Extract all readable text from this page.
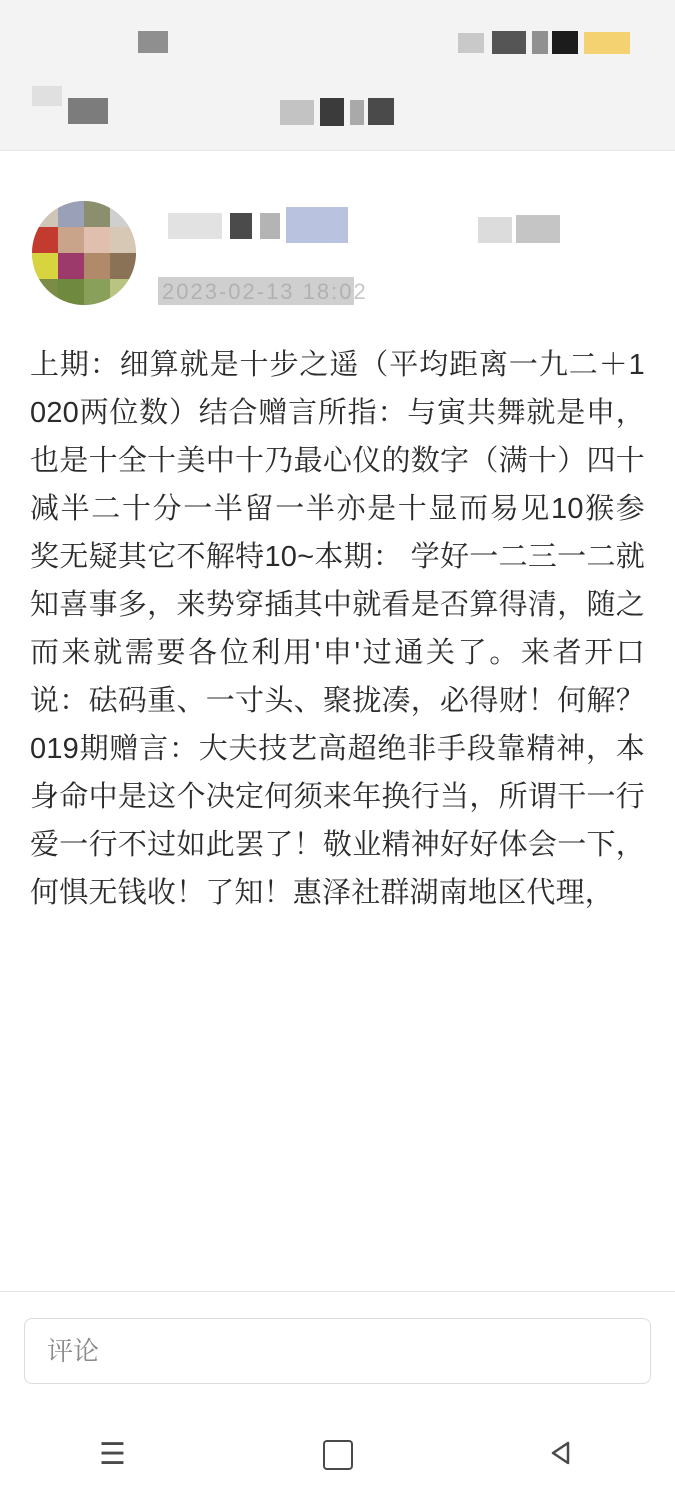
2023-02-13 18:02
上期：细算就是十步之遥（平均距离一九二＋1020两位数）结合赠言所指：与寅共舞就是申，也是十全十美中十乃最心仪的数字（满十）四十减半二十分一半留一半亦是十显而易见10猴参奖无疑其它不解特10~本期： 学好一二三一二就知喜事多，来势穿插其中就看是否算得清，随之而来就需要各位利用'申'过通关了。来者开口说：砝码重、一寸头、聚拢凑，必得财！何解？019期赠言：大夫技艺高超绝非手段靠精神，本身命中是这个决定何须来年换行当，所谓干一行爱一行不过如此罢了！敬业精神好好体会一下，何惧无钱收！了知！惠泽社群湖南地区代理，
评论
☰
